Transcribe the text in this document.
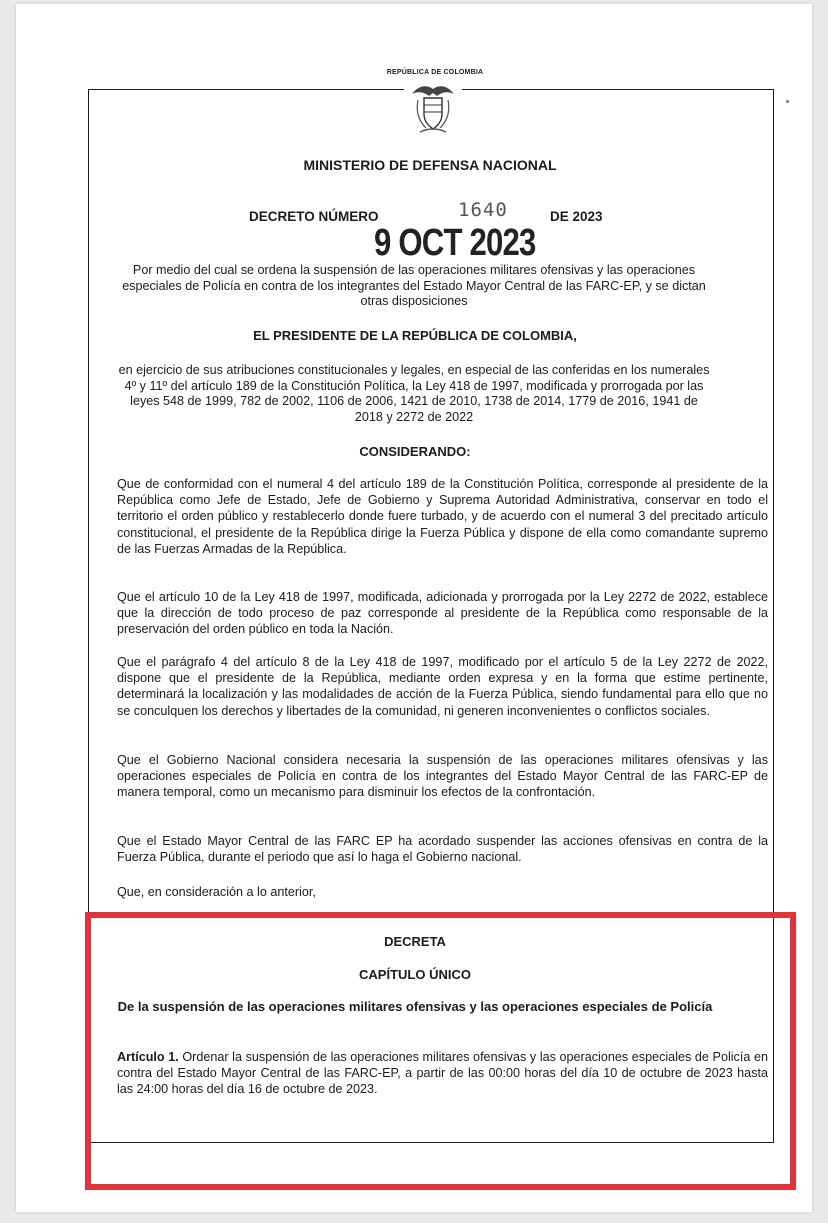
REPÚBLICA DE COLOMBIA
MINISTERIO DE DEFENSA NACIONAL
DECRETO NÚMERO	1640	DE 2023
9 OCT 2023
Por medio del cual se ordena la suspensión de las operaciones militares ofensivas y las operaciones especiales de Policía en contra de los integrantes del Estado Mayor Central de las FARC-EP, y se dictan otras disposiciones
EL PRESIDENTE DE LA REPÚBLICA DE COLOMBIA,
en ejercicio de sus atribuciones constitucionales y legales, en especial de las conferidas en los numerales 4º y 11º del artículo 189 de la Constitución Política, la Ley 418 de 1997, modificada y prorrogada por las leyes 548 de 1999, 782 de 2002, 1106 de 2006, 1421 de 2010, 1738 de 2014, 1779 de 2016, 1941 de 2018 y 2272 de 2022
CONSIDERANDO:
Que de conformidad con el numeral 4 del artículo 189 de la Constitución Política, corresponde al presidente de la República como Jefe de Estado, Jefe de Gobierno y Suprema Autoridad Administrativa, conservar en todo el territorio el orden público y restablecerlo donde fuere turbado, y de acuerdo con el numeral 3 del precitado artículo constitucional, el presidente de la República dirige la Fuerza Pública y dispone de ella como comandante supremo de las Fuerzas Armadas de la República.
Que el artículo 10 de la Ley 418 de 1997, modificada, adicionada y prorrogada por la Ley 2272 de 2022, establece que la dirección de todo proceso de paz corresponde al presidente de la República como responsable de la preservación del orden público en toda la Nación.
Que el parágrafo 4 del artículo 8 de la Ley 418 de 1997, modificado por el artículo 5 de la Ley 2272 de 2022, dispone que el presidente de la República, mediante orden expresa y en la forma que estime pertinente, determinará la localización y las modalidades de acción de la Fuerza Pública, siendo fundamental para ello que no se conculquen los derechos y libertades de la comunidad, ni generen inconvenientes o conflictos sociales.
Que el Gobierno Nacional considera necesaria la suspensión de las operaciones militares ofensivas y las operaciones especiales de Policía en contra de los integrantes del Estado Mayor Central de las FARC-EP de manera temporal, como un mecanismo para disminuir los efectos de la confrontación.
Que el Estado Mayor Central de las FARC EP ha acordado suspender las acciones ofensivas en contra de la Fuerza Pública, durante el periodo que así lo haga el Gobierno nacional.
Que, en consideración a lo anterior,
DECRETA
CAPÍTULO ÚNICO
De la suspensión de las operaciones militares ofensivas y las operaciones especiales de Policía
Artículo 1. Ordenar la suspensión de las operaciones militares ofensivas y las operaciones especiales de Policía en contra del Estado Mayor Central de las FARC-EP, a partir de las 00:00 horas del día 10 de octubre de 2023 hasta las 24:00 horas del día 16 de octubre de 2023.
